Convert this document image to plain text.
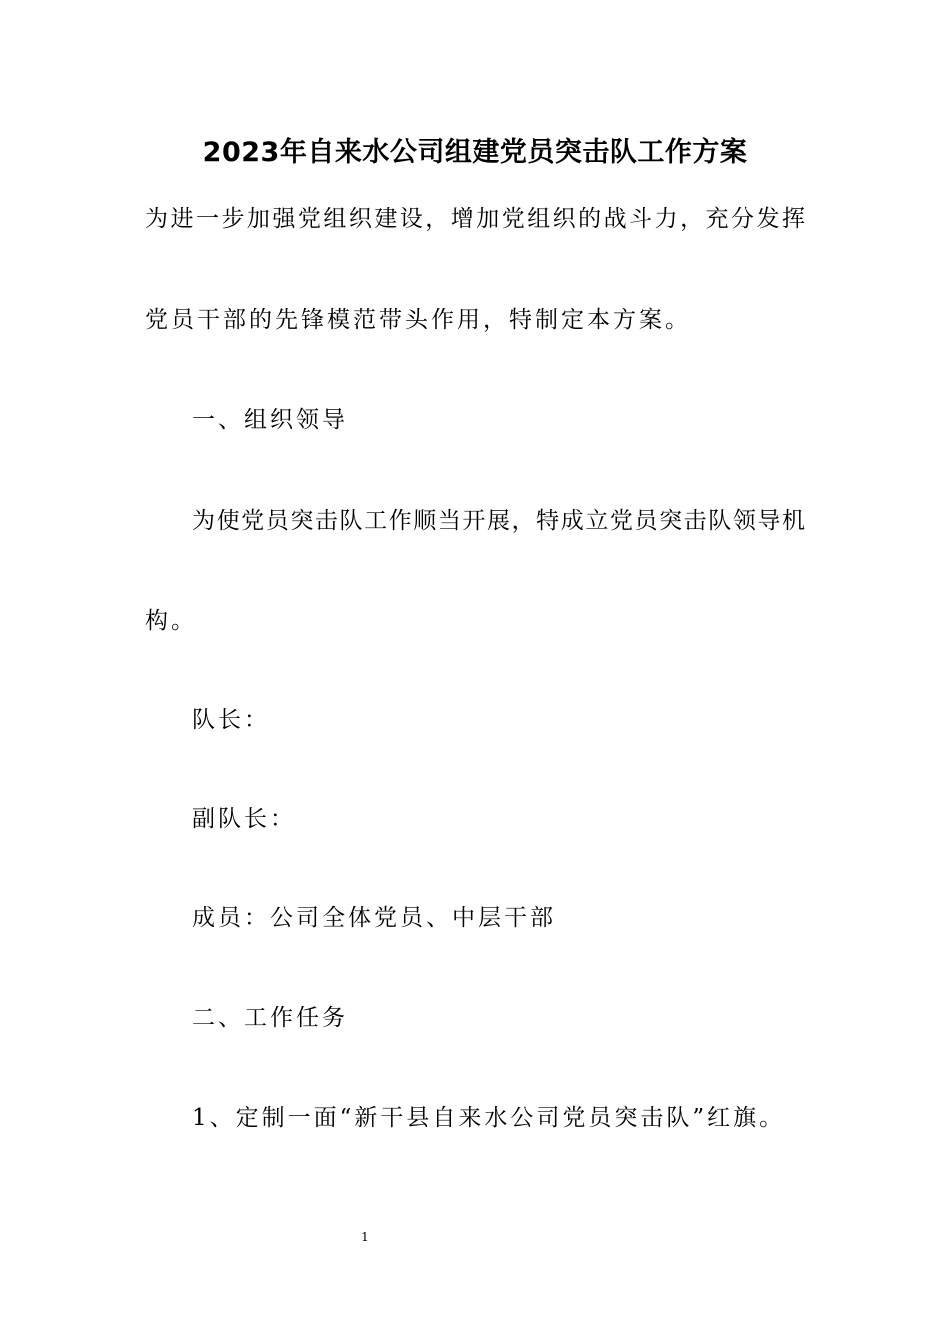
2023年自来水公司组建党员突击队工作方案
为进一步加强党组织建设，增加党组织的战斗力，充分发挥
党员干部的先锋模范带头作用，特制定本方案。
一、组织领导
为使党员突击队工作顺当开展，特成立党员突击队领导机
构。
队长：
副队长：
成员：公司全体党员、中层干部
二、工作任务
1、定制一面“新干县自来水公司党员突击队”红旗。
1
